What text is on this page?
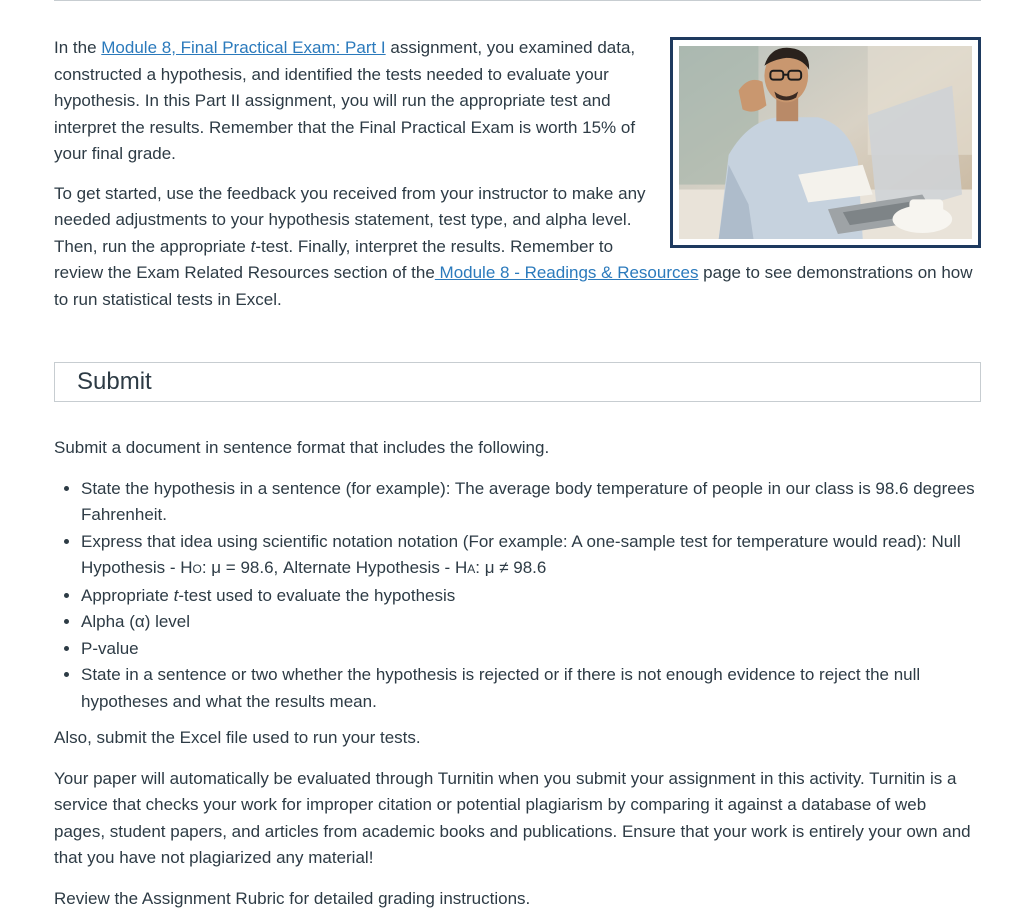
In the Module 8, Final Practical Exam: Part I assignment, you examined data, constructed a hypothesis, and identified the tests needed to evaluate your hypothesis. In this Part II assignment, you will run the appropriate test and interpret the results. Remember that the Final Practical Exam is worth 15% of your final grade.

To get started, use the feedback you received from your instructor to make any needed adjustments to your hypothesis statement, test type, and alpha level. Then, run the appropriate t-test. Finally, interpret the results. Remember to review the Exam Related Resources section of the Module 8 - Readings & Resources page to see demonstrations on how to run statistical tests in Excel.

Submit

Submit a document in sentence format that includes the following.

• State the hypothesis in a sentence (for example): The average body temperature of people in our class is 98.6 degrees Fahrenheit.
• Express that idea using scientific notation notation (For example: A one-sample test for temperature would read): Null Hypothesis - HO: μ = 98.6, Alternate Hypothesis - HA: μ ≠ 98.6
• Appropriate t-test used to evaluate the hypothesis
• Alpha (α) level
• P-value
• State in a sentence or two whether the hypothesis is rejected or if there is not enough evidence to reject the null hypotheses and what the results mean.

Also, submit the Excel file used to run your tests.

Your paper will automatically be evaluated through Turnitin when you submit your assignment in this activity. Turnitin is a service that checks your work for improper citation or potential plagiarism by comparing it against a database of web pages, student papers, and articles from academic books and publications. Ensure that your work is entirely your own and that you have not plagiarized any material!

Review the Assignment Rubric for detailed grading instructions.
